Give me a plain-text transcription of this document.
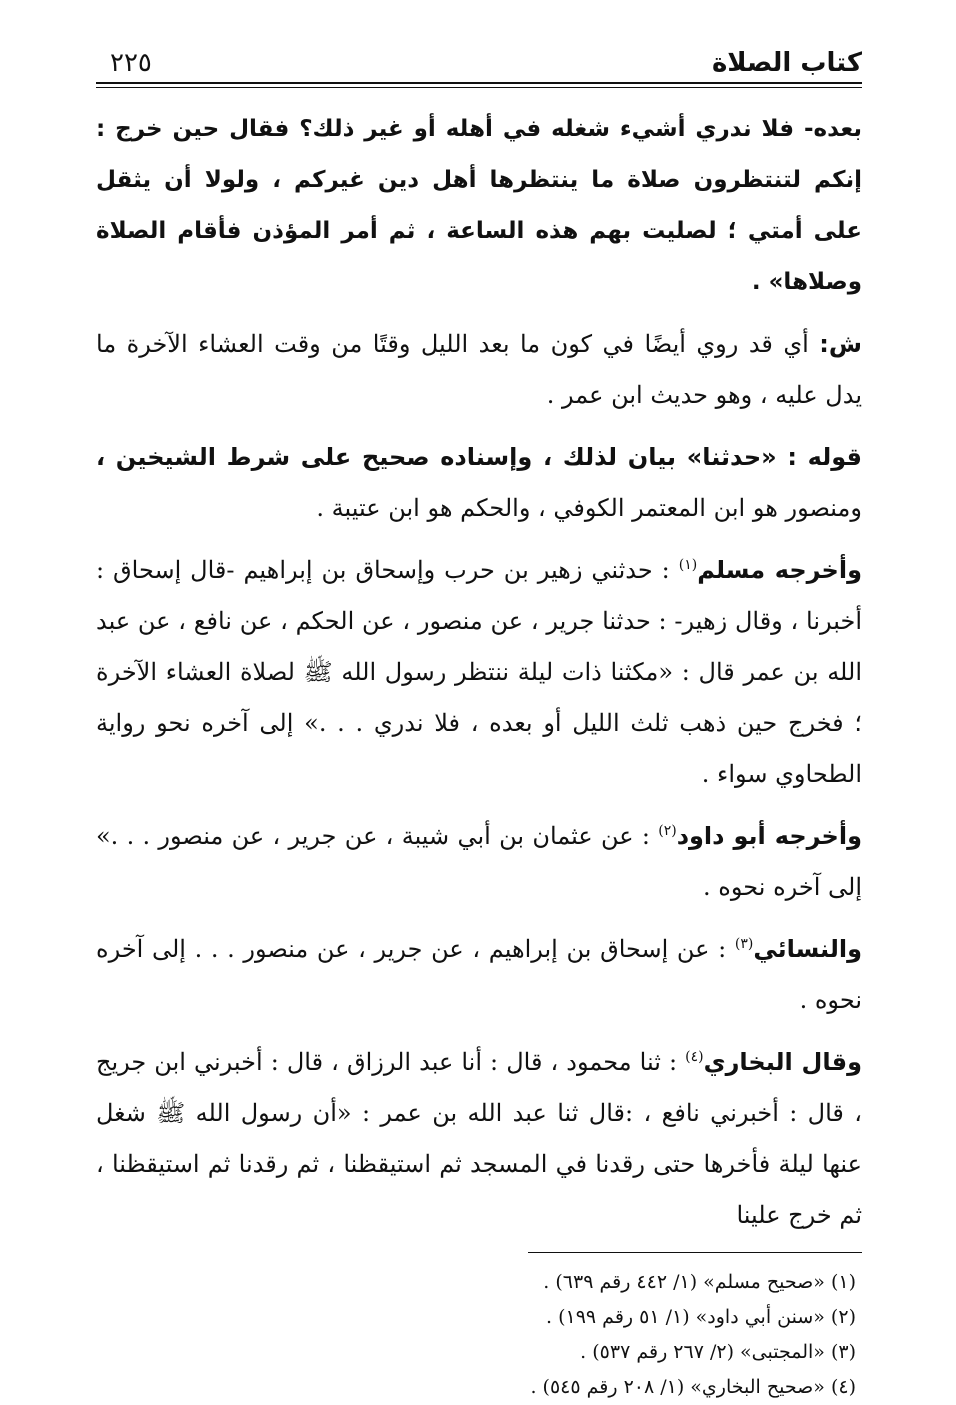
كتاب الصلاة
٢٢٥

بعده- فلا ندري أشيء شغله في أهله أو غير ذلك؟ فقال حين خرج : إنكم لتنتظرون صلاة ما ينتظرها أهل دين غيركم ، ولولا أن يثقل على أمتي ؛ لصليت بهم هذه الساعة ، ثم أمر المؤذن فأقام الصلاة وصلاها» .

ش: أي قد روي أيضًا في كون ما بعد الليل وقتًا من وقت العشاء الآخرة ما يدل عليه ، وهو حديث ابن عمر .

قوله : «حدثنا» بيان لذلك ، وإسناده صحيح على شرط الشيخين ، ومنصور هو ابن المعتمر الكوفي ، والحكم هو ابن عتيبة .

وأخرجه مسلم$^{(١)}$ : حدثني زهير بن حرب وإسحاق بن إبراهيم -قال إسحاق : أخبرنا ، وقال زهير- : حدثنا جرير ، عن منصور ، عن الحكم ، عن نافع ، عن عبد الله بن عمر قال : «مكثنا ذات ليلة ننتظر رسول الله ﷺ لصلاة العشاء الآخرة ؛ فخرج حين ذهب ثلث الليل أو بعده ، فلا ندري . . .» إلى آخره نحو رواية الطحاوي سواء .

وأخرجه أبو داود$^{(٢)}$ : عن عثمان بن أبي شيبة ، عن جرير ، عن منصور . . .» إلى آخره نحوه .

والنسائي$^{(٣)}$ : عن إسحاق بن إبراهيم ، عن جرير ، عن منصور . . . إلى آخره نحوه .

وقال البخاري$^{(٤)}$ : ثنا محمود ، قال : أنا عبد الرزاق ، قال : أخبرني ابن جريج ، قال : أخبرني نافع ، :قال ثنا عبد الله بن عمر : «أن رسول الله ﷺ شغل عنها ليلة فأخرها حتى رقدنا في المسجد ثم استيقظنا ، ثم رقدنا ثم استيقظنا ، ثم خرج علينا

(١) «صحيح مسلم» (١/ ٤٤٢ رقم ٦٣٩) .
(٢) «سنن أبي داود» (١/ ٥١ رقم ١٩٩) .
(٣) «المجتبى» (٢/ ٢٦٧ رقم ٥٣٧) .
(٤) «صحيح البخاري» (١/ ٢٠٨ رقم ٥٤٥) .
